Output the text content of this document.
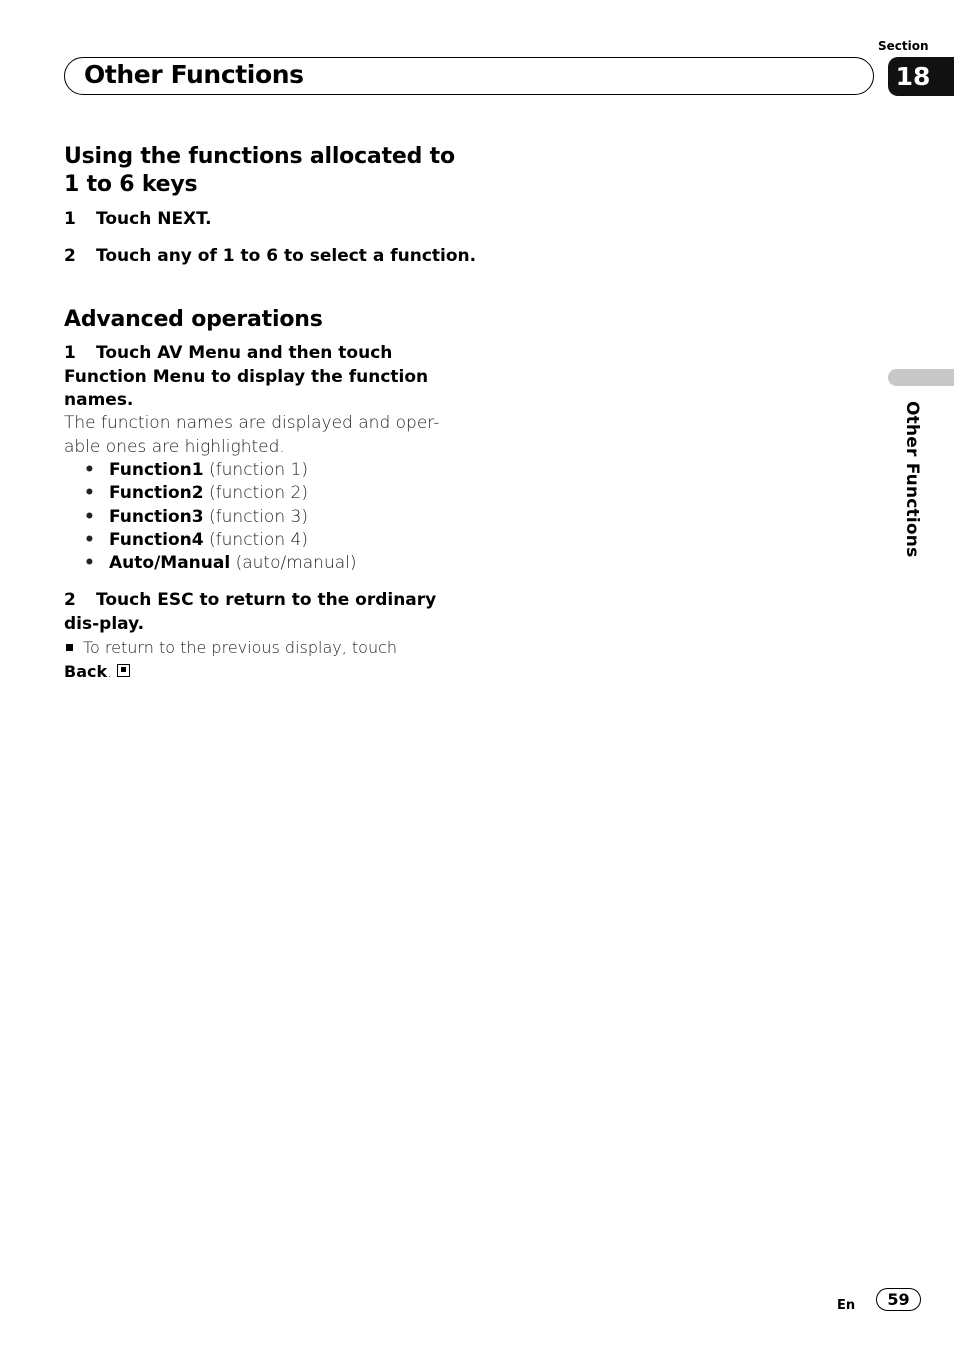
Section
Other Functions	18
Other Functions
Using the functions allocated to 1 to 6 keys
1 Touch NEXT.
2 Touch any of 1 to 6 to select a function.
Advanced operations
1 Touch AV Menu and then touch Function Menu to display the function names.
The function names are displayed and oper-able ones are highlighted.
• Function1 (function 1)
• Function2 (function 2)
• Function3 (function 3)
• Function4 (function 4)
• Auto/Manual (auto/manual)
2 Touch ESC to return to the ordinary dis-play.
To return to the previous display, touch
Back.
En	59
